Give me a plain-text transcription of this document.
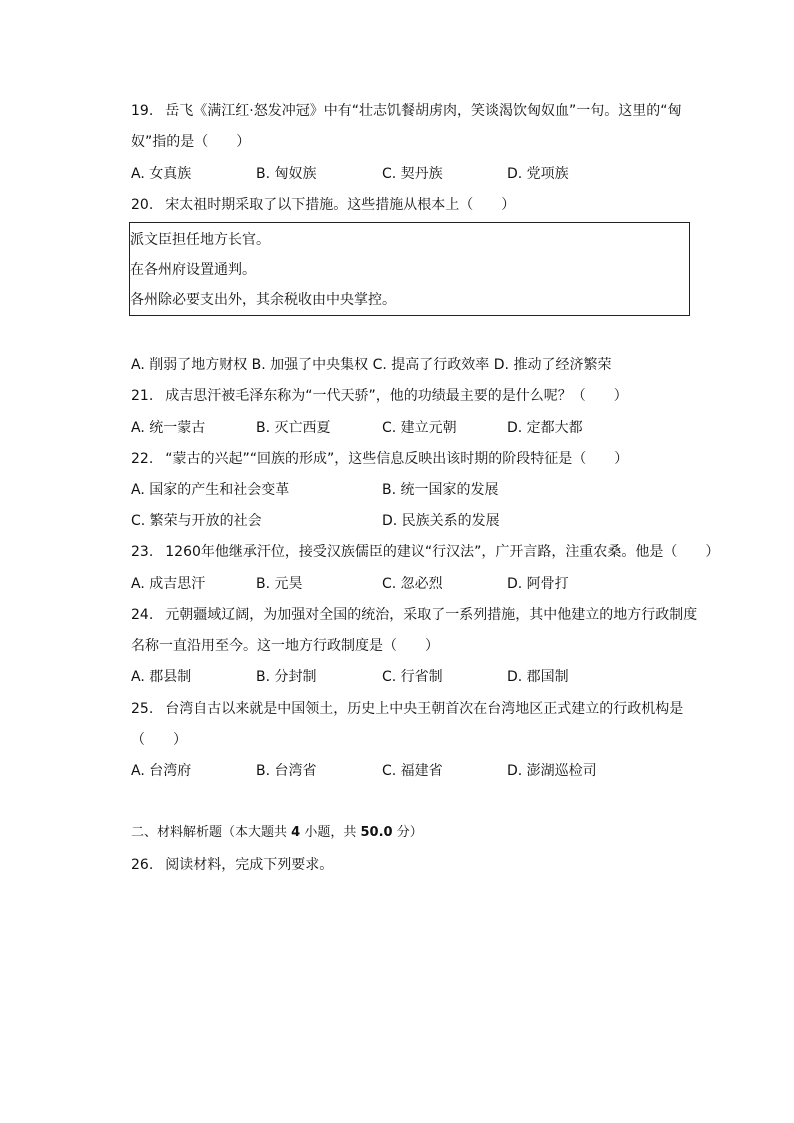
19. 岳飞《满江红·怒发冲冠》中有“壮志饥餐胡虏肉，笑谈渴饮匈奴血”一句。这里的“匈
奴”指的是（　　）
A. 女真族	B. 匈奴族	C. 契丹族	D. 党项族
20. 宋太祖时期采取了以下措施。这些措施从根本上（　　）
派文臣担任地方长官。
在各州府设置通判。
各州除必要支出外，其余税收由中央掌控。
A. 削弱了地方财权 B. 加强了中央集权 C. 提高了行政效率 D. 推动了经济繁荣
21. 成吉思汗被毛泽东称为“一代天骄”，他的功绩最主要的是什么呢？（　　）
A. 统一蒙古	B. 灭亡西夏	C. 建立元朝	D. 定都大都
22. “蒙古的兴起”“回族的形成”，这些信息反映出该时期的阶段特征是（　　）
A. 国家的产生和社会变革	B. 统一国家的发展
C. 繁荣与开放的社会	D. 民族关系的发展
23. 1260年他继承汗位，接受汉族儒臣的建议“行汉法”，广开言路，注重农桑。他是（　　）
A. 成吉思汗	B. 元昊	C. 忽必烈	D. 阿骨打
24. 元朝疆域辽阔，为加强对全国的统治，采取了一系列措施，其中他建立的地方行政制度
名称一直沿用至今。这一地方行政制度是（　　）
A. 郡县制	B. 分封制	C. 行省制	D. 郡国制
25. 台湾自古以来就是中国领土，历史上中央王朝首次在台湾地区正式建立的行政机构是
（　　）
A. 台湾府	B. 台湾省	C. 福建省	D. 澎湖巡检司
二、材料解析题（本大题共 4 小题，共 50.0 分）
26. 阅读材料，完成下列要求。
